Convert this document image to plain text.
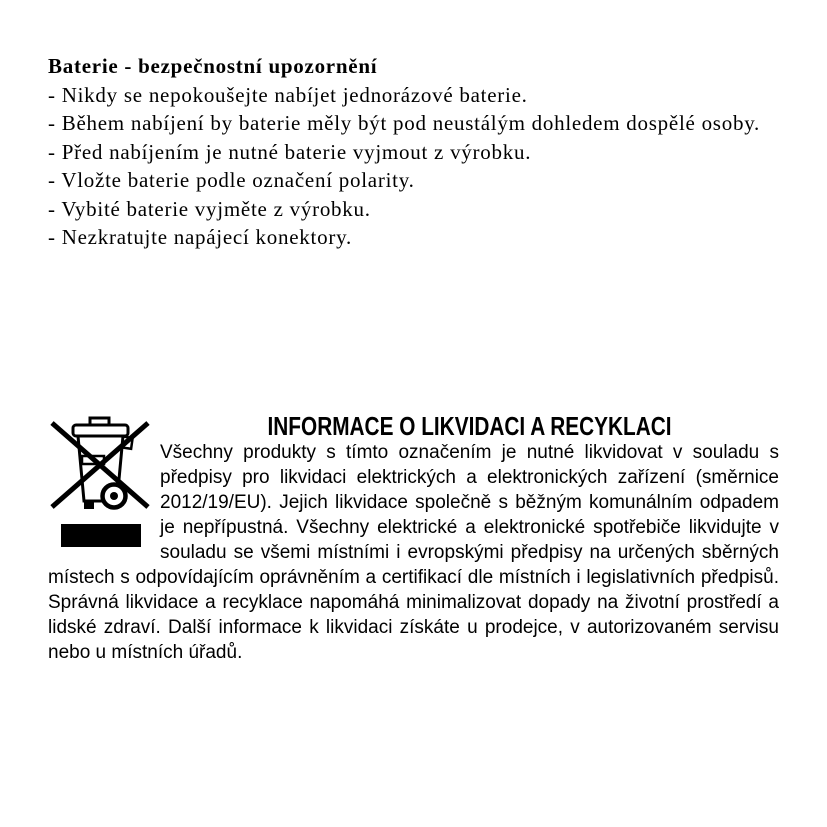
Baterie - bezpečnostní upozornění

- Nikdy se nepokoušejte nabíjet jednorázové baterie.

- Během nabíjení by baterie měly být pod neustálým dohledem dospělé osoby.

- Před nabíjením je nutné baterie vyjmout z výrobku.

- Vložte baterie podle označení polarity.

- Vybité baterie vyjměte z výrobku.

- Nezkratujte napájecí konektory.

INFORMACE O LIKVIDACI A RECYKLACI

Všechny produkty s tímto označením je nutné likvidovat v souladu s předpisy pro likvidaci elektrických a elektronických zařízení (směrnice 2012/19/EU). Jejich likvidace společně s běžným komunálním odpadem je nepřípustná. Všechny elektrické a elektronické spotřebiče likvidujte v souladu se všemi místními i evropskými předpisy na určených sběrných místech s odpovídajícím oprávněním a certifikací dle místních i legislativních předpisů. Správná likvidace a recyklace napomáhá minimalizovat dopady na životní prostředí a lidské zdraví. Další informace k likvidaci získáte u prodejce, v autorizovaném servisu nebo u místních úřadů.
